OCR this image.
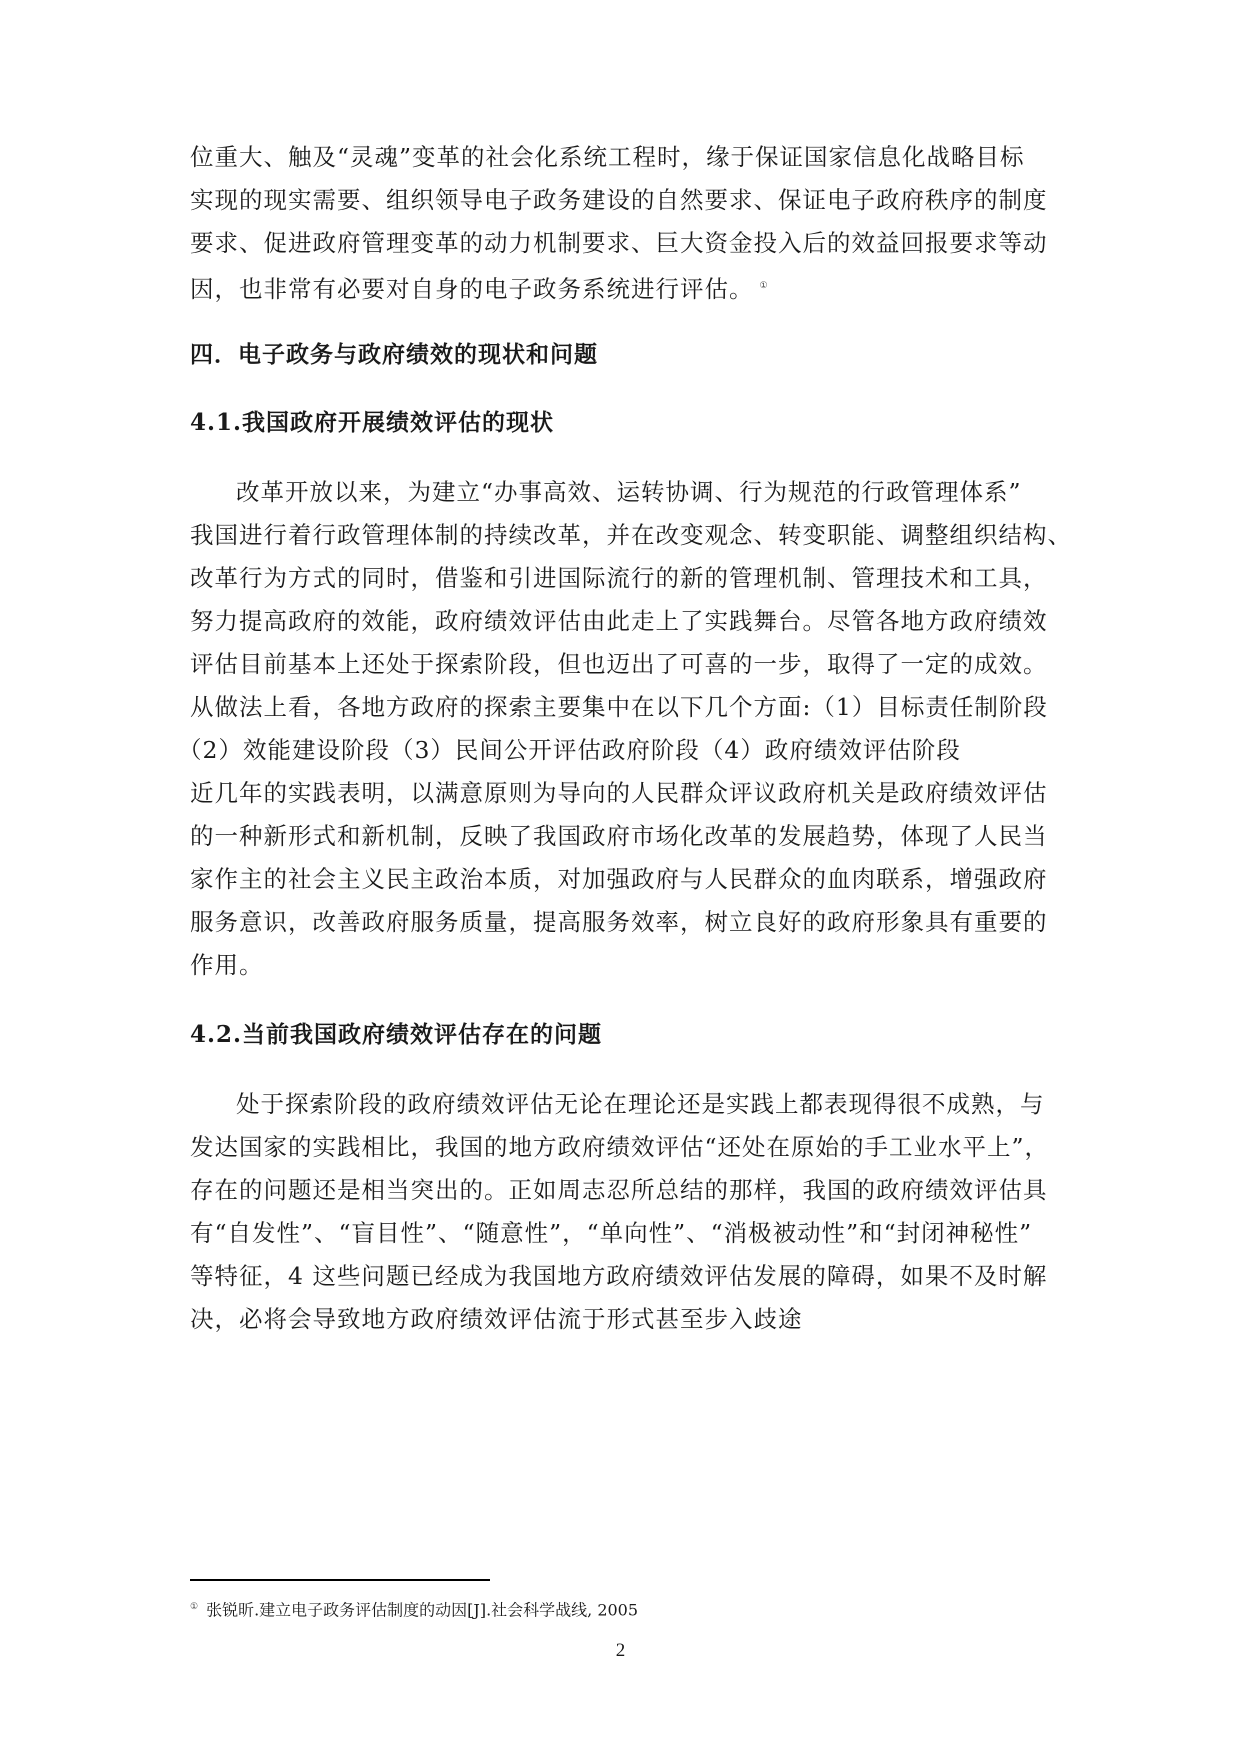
位重大、触及“灵魂”变革的社会化系统工程时，缘于保证国家信息化战略目标
实现的现实需要、组织领导电子政务建设的自然要求、保证电子政府秩序的制度
要求、促进政府管理变革的动力机制要求、巨大资金投入后的效益回报要求等动
因，也非常有必要对自身的电子政务系统进行评估。 ①
四．电子政务与政府绩效的现状和问题
4.1.我国政府开展绩效评估的现状
改革开放以来，为建立“办事高效、运转协调、行为规范的行政管理体系”
我国进行着行政管理体制的持续改革，并在改变观念、转变职能、调整组织结构、
改革行为方式的同时，借鉴和引进国际流行的新的管理机制、管理技术和工具，
努力提高政府的效能，政府绩效评估由此走上了实践舞台。尽管各地方政府绩效
评估目前基本上还处于探索阶段，但也迈出了可喜的一步，取得了一定的成效。
从做法上看，各地方政府的探索主要集中在以下几个方面:（1）目标责任制阶段
（2）效能建设阶段（3）民间公开评估政府阶段（4）政府绩效评估阶段
近几年的实践表明，以满意原则为导向的人民群众评议政府机关是政府绩效评估
的一种新形式和新机制，反映了我国政府市场化改革的发展趋势，体现了人民当
家作主的社会主义民主政治本质，对加强政府与人民群众的血肉联系，增强政府
服务意识，改善政府服务质量，提高服务效率，树立良好的政府形象具有重要的
作用。
4.2.当前我国政府绩效评估存在的问题
处于探索阶段的政府绩效评估无论在理论还是实践上都表现得很不成熟，与
发达国家的实践相比，我国的地方政府绩效评估“还处在原始的手工业水平上”，
存在的问题还是相当突出的。正如周志忍所总结的那样，我国的政府绩效评估具
有“自发性”、“盲目性”、“随意性”，“单向性”、“消极被动性”和“封闭神秘性”
等特征，4 这些问题已经成为我国地方政府绩效评估发展的障碍，如果不及时解
决，必将会导致地方政府绩效评估流于形式甚至步入歧途
① 张锐昕.建立电子政务评估制度的动因[J].社会科学战线, 2005
2
